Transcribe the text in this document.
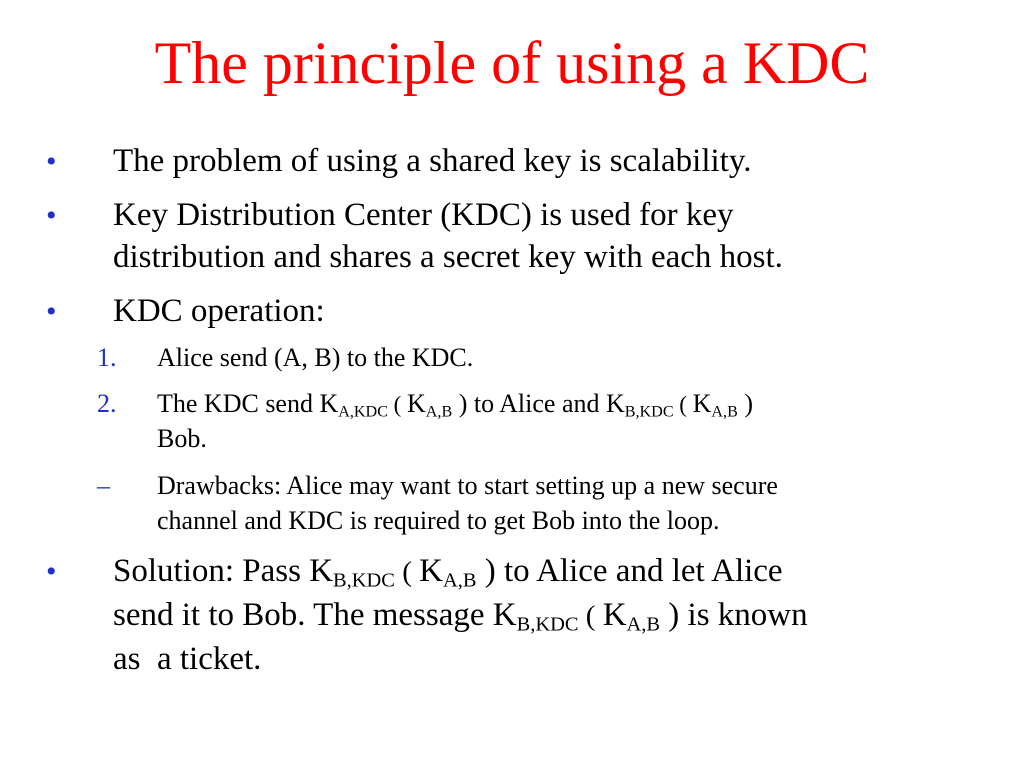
The principle of using a KDC
• The problem of using a shared key is scalability.
• Key Distribution Center (KDC) is used for key
distribution and shares a secret key with each host.
• KDC operation:
1. Alice send (A, B) to the KDC.
2. The KDC send $K_{A,KDC}$ ( $K_{A,B}$ ) to Alice and $K_{B,KDC}$ ( $K_{A,B}$ )
Bob.
– Drawbacks: Alice may want to start setting up a new secure
channel and KDC is required to get Bob into the loop.
• Solution: Pass $K_{B,KDC}$ ( $K_{A,B}$ ) to Alice and let Alice
send it to Bob. The message $K_{B,KDC}$ ( $K_{A,B}$ ) is known
as  a ticket.
